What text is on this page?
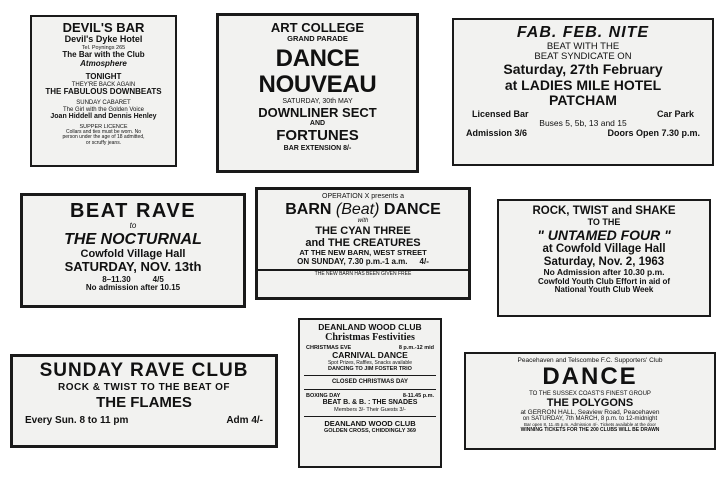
DEVIL'S BAR
Devil's Dyke Hotel
Tel. Poynings 265
The Bar with the Club
Atmosphere
TONIGHT
THEY'RE BACK AGAIN
THE FABULOUS DOWNBEATS
SUNDAY CABARET
The Girl with the Golden Voice
Joan Hiddell and Dennis Henley
SUPPER LICENCE
Collars and ties must be worn. No
person under the age of 18 admitted,
or scruffy jeans.
ART COLLEGE
GRAND PARADE
DANCE
NOUVEAU
SATURDAY, 30th MAY
DOWNLINER SECT
AND
FORTUNES
BAR EXTENSION 8/-
FAB. FEB. NITE
BEAT WITH THE
BEAT SYNDICATE ON
Saturday, 27th February
at LADIES MILE HOTEL
PATCHAM
Licensed Bar	Car Park
Buses 5, 5b, 13 and 15
Admission 3/6	Doors Open 7.30 p.m.
BEAT RAVE
to
THE NOCTURNAL
Cowfold Village Hall
SATURDAY, NOV. 13th
8–11.30	4/5
No admission after 10.15
OPERATION X presents a
BARN (Beat) DANCE
with
THE CYAN THREE
and THE CREATURES
AT THE NEW BARN, WEST STREET
ON SUNDAY, 7.30 p.m.-1 a.m. 4/-
THE NEW BARN HAS BEEN GIVEN FREE
ROCK, TWIST and SHAKE
TO THE
" UNTAMED FOUR "
at Cowfold Village Hall
Saturday, Nov. 2, 1963
No Admission after 10.30 p.m.
Cowfold Youth Club Effort in aid of
National Youth Club Week
SUNDAY RAVE CLUB
ROCK & TWIST TO THE BEAT OF
THE FLAMES
Every Sun. 8 to 11 pm	Adm 4/-
DEANLAND WOOD CLUB
Christmas Festivities
CHRISTMAS EVE	8 p.m.-12 mid
CARNIVAL DANCE
Spot Prizes, Raffles, Snacks available
DANCING TO JIM FOSTER TRIO
CLOSED CHRISTMAS DAY
BOXING DAY	8-11.45 p.m.
BEAT B. & B. : THE SNADES
Members 3/- Their Guests 3/-
DEANLAND WOOD CLUB
GOLDEN CROSS, CHIDDINGLY 369
Peacehaven and Telscombe F.C. Supporters' Club
DANCE
TO THE SUSSEX COAST'S FINEST GROUP
THE POLYGONS
at GERRON HALL, Seaview Road, Peacehaven
on SATURDAY, 7th MARCH, 8 p.m. to 12-midnight
Bar open 8, 11.45 p.m. Admission 4/-. Tickets available at the door
WINNING TICKETS FOR THE 200 CLUBS WILL BE DRAWN
